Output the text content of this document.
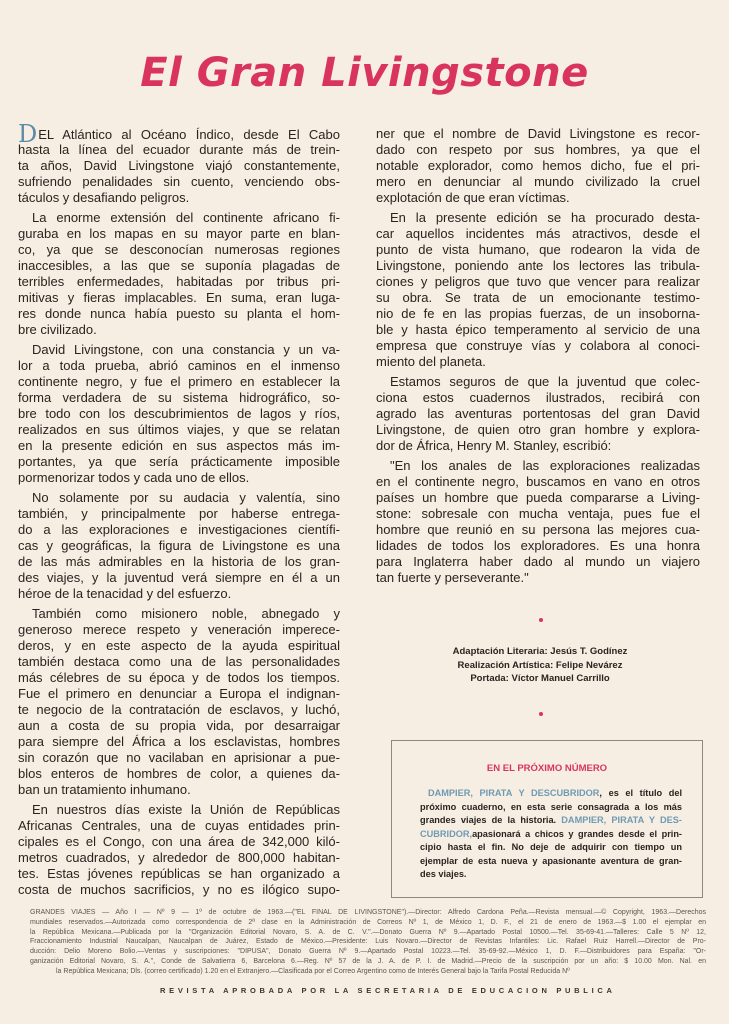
El Gran Livingstone
DEL Atlántico al Océano Índico, desde El Cabo
hasta la línea del ecuador durante más de trein-
ta años, David Livingstone viajó constantemente,
sufriendo penalidades sin cuento, venciendo obs-
táculos y desafiando peligros.
La enorme extensión del continente africano fi-
guraba en los mapas en su mayor parte en blan-
co, ya que se desconocían numerosas regiones
inaccesibles, a las que se suponía plagadas de
terribles enfermedades, habitadas por tribus pri-
mitivas y fieras implacables. En suma, eran luga-
res donde nunca había puesto su planta el hom-
bre civilizado.
David Livingstone, con una constancia y un va-
lor a toda prueba, abrió caminos en el inmenso
continente negro, y fue el primero en establecer la
forma verdadera de su sistema hidrográfico, so-
bre todo con los descubrimientos de lagos y ríos,
realizados en sus últimos viajes, y que se relatan
en la presente edición en sus aspectos más im-
portantes, ya que sería prácticamente imposible
pormenorizar todos y cada uno de ellos.
No solamente por su audacia y valentía, sino
también, y principalmente por haberse entrega-
do a las exploraciones e investigaciones científi-
cas y geográficas, la figura de Livingstone es una
de las más admirables en la historia de los gran-
des viajes, y la juventud verá siempre en él a un
héroe de la tenacidad y del esfuerzo.
También como misionero noble, abnegado y
generoso merece respeto y veneración imperece-
deros, y en este aspecto de la ayuda espiritual
también destaca como una de las personalidades
más célebres de su época y de todos los tiempos.
Fue el primero en denunciar a Europa el indignan-
te negocio de la contratación de esclavos, y luchó,
aun a costa de su propia vida, por desarraigar
para siempre del África a los esclavistas, hombres
sin corazón que no vacilaban en aprisionar a pue-
blos enteros de hombres de color, a quienes da-
ban un tratamiento inhumano.
En nuestros días existe la Unión de Repúblicas
Africanas Centrales, una de cuyas entidades prin-
cipales es el Congo, con una área de 342,000 kiló-
metros cuadrados, y alrededor de 800,000 habitan-
tes. Estas jóvenes repúblicas se han organizado a
costa de muchos sacrificios, y no es ilógico supo-
ner que el nombre de David Livingstone es recor-
dado con respeto por sus hombres, ya que el
notable explorador, como hemos dicho, fue el pri-
mero en denunciar al mundo civilizado la cruel
explotación de que eran víctimas.
En la presente edición se ha procurado desta-
car aquellos incidentes más atractivos, desde el
punto de vista humano, que rodearon la vida de
Livingstone, poniendo ante los lectores las tribula-
ciones y peligros que tuvo que vencer para realizar
su obra. Se trata de un emocionante testimo-
nio de fe en las propias fuerzas, de un insoborna-
ble y hasta épico temperamento al servicio de una
empresa que construye vías y colabora al conoci-
miento del planeta.
Estamos seguros de que la juventud que colec-
ciona estos cuadernos ilustrados, recibirá con
agrado las aventuras portentosas del gran David
Livingstone, de quien otro gran hombre y explora-
dor de África, Henry M. Stanley, escribió:
"En los anales de las exploraciones realizadas
en el continente negro, buscamos en vano en otros
países un hombre que pueda compararse a Living-
stone: sobresale con mucha ventaja, pues fue el
hombre que reunió en su persona las mejores cua-
lidades de todos los exploradores. Es una honra
para Inglaterra haber dado al mundo un viajero
tan fuerte y perseverante."
Adaptación Literaria: Jesús T. Godínez
Realización Artística: Felipe Nevárez
Portada: Víctor Manuel Carrillo
EN EL PRÓXIMO NÚMERO
DAMPIER, PIRATA Y DESCUBRIDOR, es el título del
próximo cuaderno, en esta serie consagrada a los más
grandes viajes de la historia. DAMPIER, PIRATA Y DES-
CUBRIDOR,apasionará a chicos y grandes desde el prin-
cipio hasta el fin. No deje de adquirir con tiempo un
ejemplar de esta nueva y apasionante aventura de gran-
des viajes.
GRANDES VIAJES — Año I — Nº 9 — 1º de octubre de 1963.—("EL FINAL DE LIVINGSTONE").—Director: Alfredo Cardona Peña.—Revista mensual.—© Copyright, 1963.—Derechos
mundiales reservados.—Autorizada como correspondencia de 2ª clase en la Administración de Correos Nº 1, de México 1, D. F., el 21 de enero de 1963.—$ 1.00 el ejemplar en
la República Mexicana.—Publicada por la "Organización Editorial Novaro, S. A. de C. V.".—Donato Guerra Nº 9.—Apartado Postal 10500.—Tel. 35-69-41.—Talleres: Calle 5 Nº 12,
Fraccionamiento Industrial Naucalpan, Naucalpan de Juárez, Estado de México.—Presidente: Luis Novaro.—Director de Revistas Infantiles: Lic. Rafael Ruiz Harrell.—Director de Pro-
ducción: Delio Moreno Bolio.—Ventas y suscripciones: "DIPUSA", Donato Guerra Nº 9.—Apartado Postal 10223.—Tel. 35-69-92.—México 1, D. F.—Distribuidores para España: "Or-
ganización Editorial Novaro, S. A.", Conde de Salvatierra 6, Barcelona 6.—Reg. Nº 57 de la J. A. de P. I. de Madrid.—Precio de la suscripción por un año: $ 10.00 Mon. Nal. en
la República Mexicana; Dls. (correo certificado) 1.20 en el Extranjero.—Clasificada por el Correo Argentino como de Interés General bajo la Tarifa Postal Reducida Nº
REVISTA APROBADA POR LA SECRETARIA DE EDUCACION PUBLICA
